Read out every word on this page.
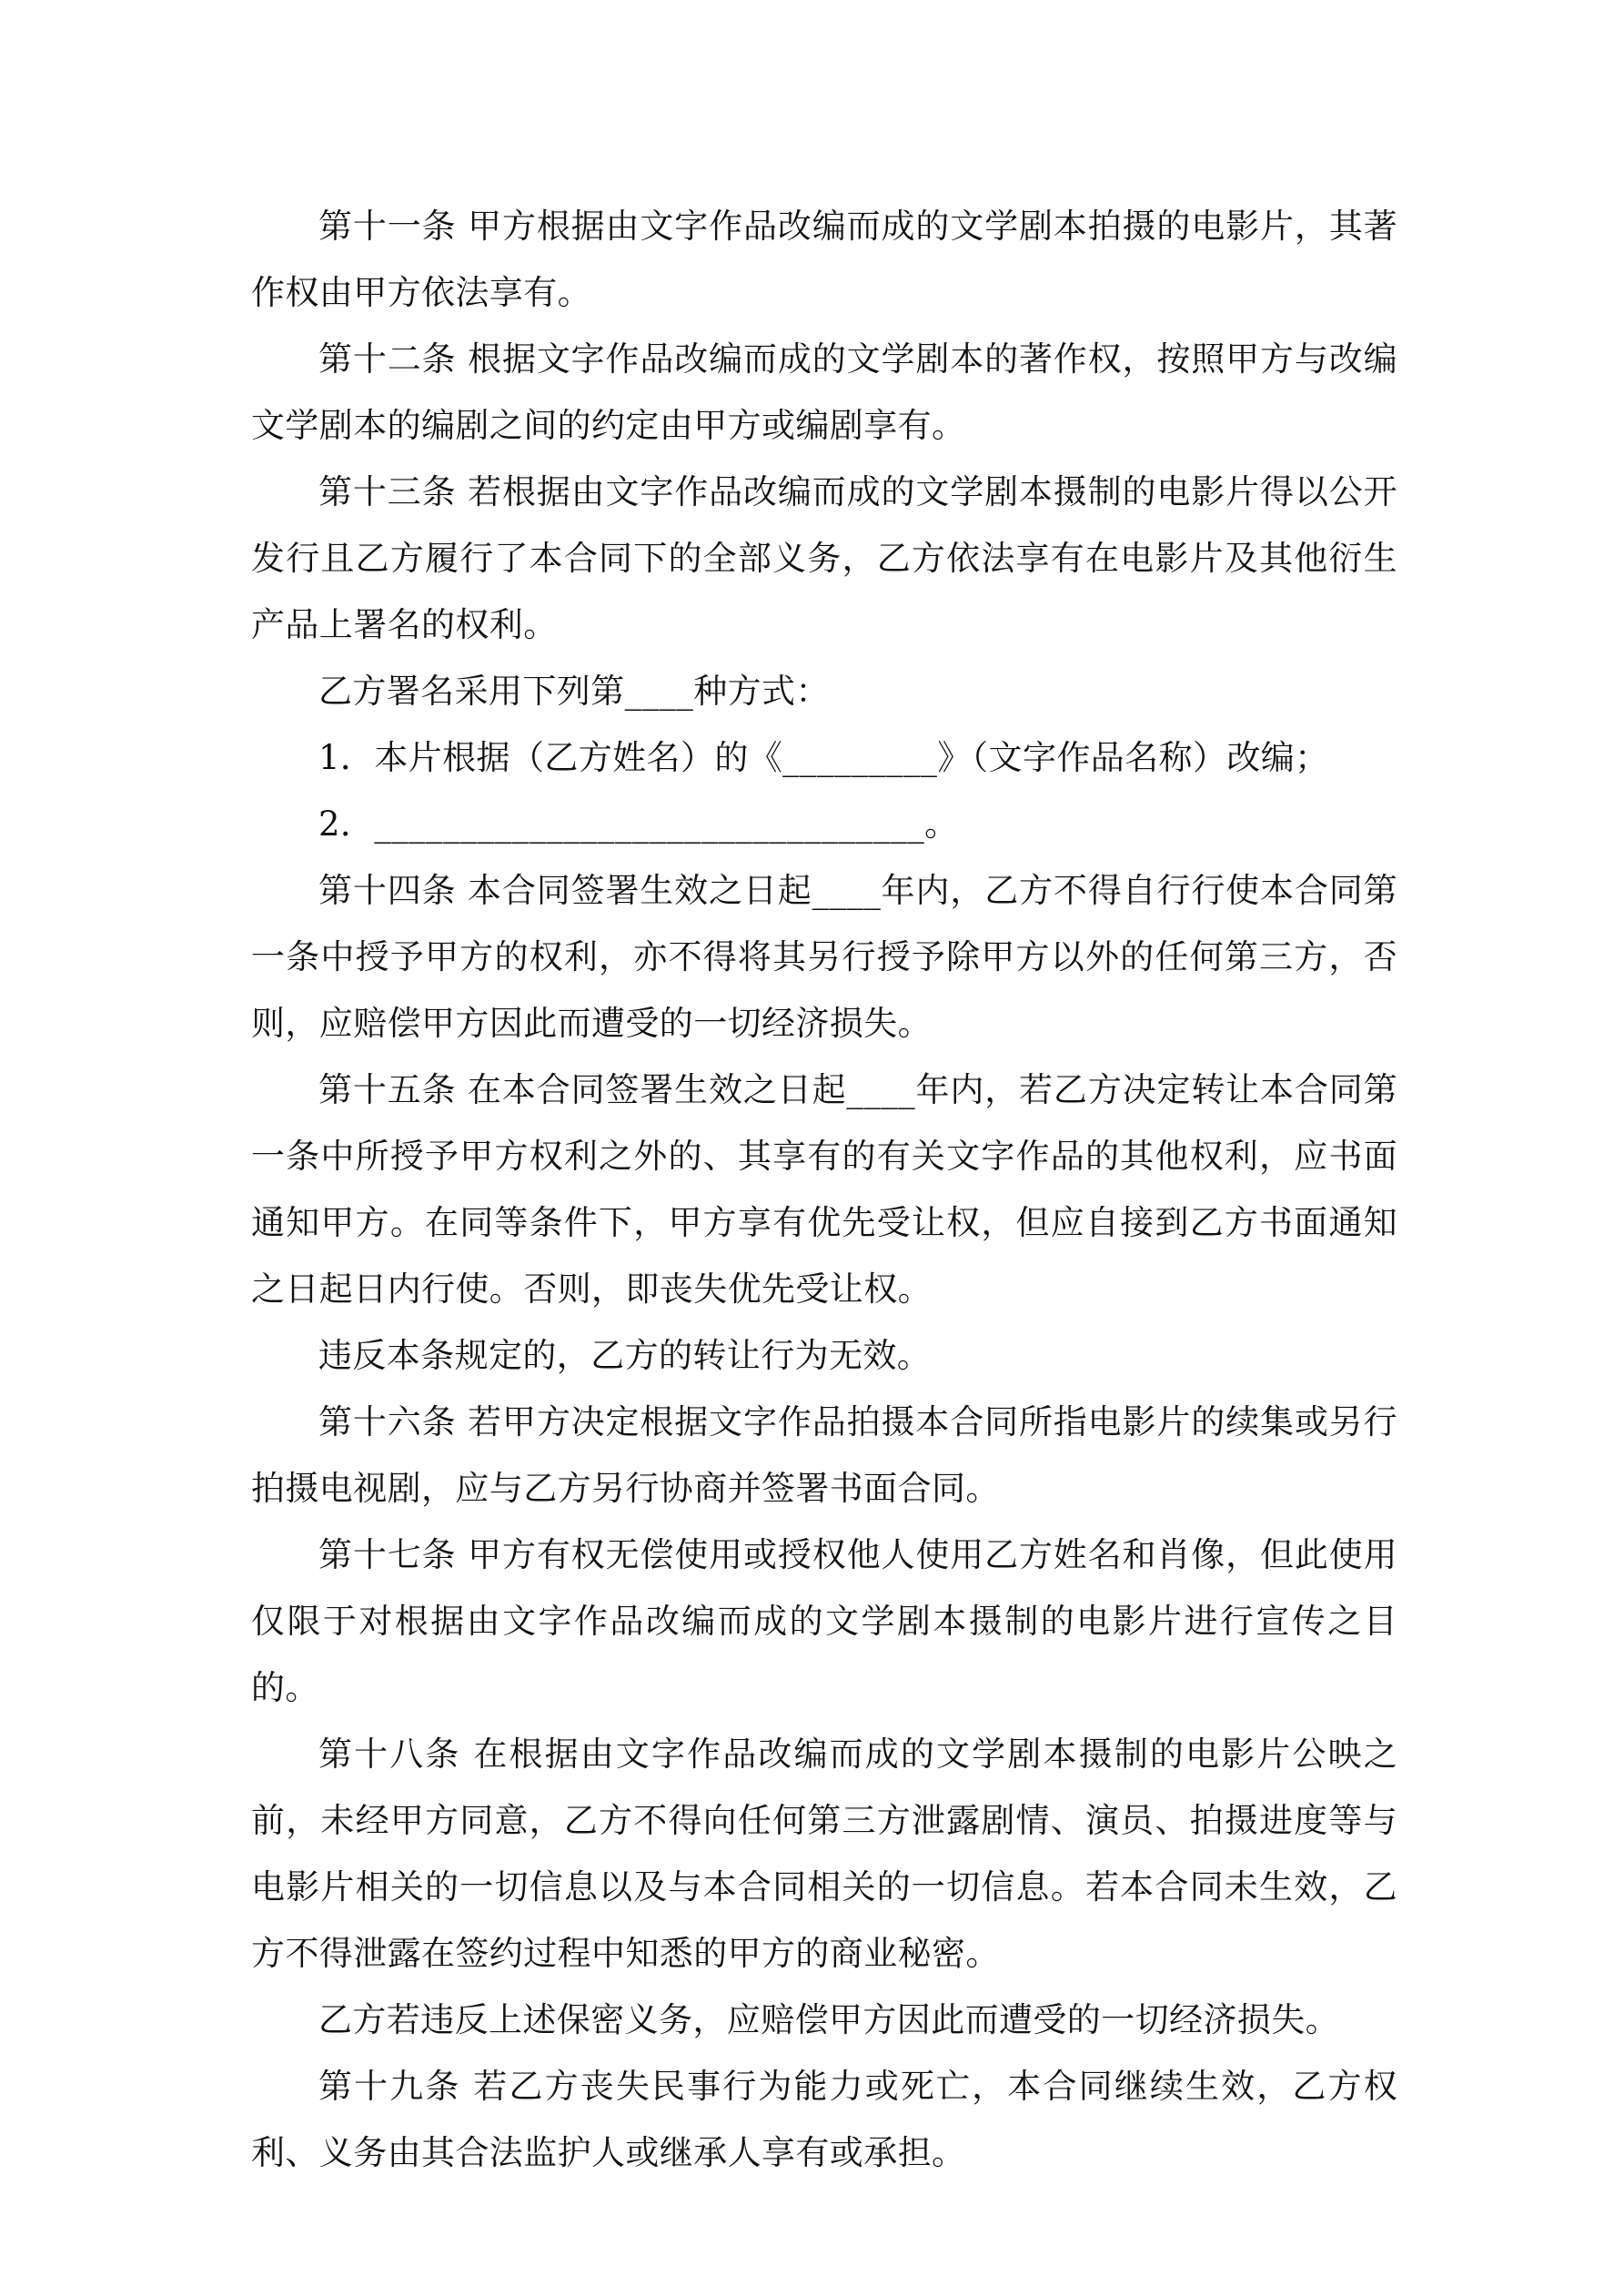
第十一条 甲方根据由文字作品改编而成的文学剧本拍摄的电影片，其著作权由甲方依法享有。

第十二条 根据文字作品改编而成的文学剧本的著作权，按照甲方与改编文学剧本的编剧之间的约定由甲方或编剧享有。

第十三条 若根据由文字作品改编而成的文学剧本摄制的电影片得以公开发行且乙方履行了本合同下的全部义务，乙方依法享有在电影片及其他衍生产品上署名的权利。

乙方署名采用下列第____种方式：

1．本片根据（乙方姓名）的《_________》（文字作品名称）改编；

2．________________________________。

第十四条 本合同签署生效之日起____年内，乙方不得自行行使本合同第一条中授予甲方的权利，亦不得将其另行授予除甲方以外的任何第三方，否则，应赔偿甲方因此而遭受的一切经济损失。

第十五条 在本合同签署生效之日起____年内，若乙方决定转让本合同第一条中所授予甲方权利之外的、其享有的有关文字作品的其他权利，应书面通知甲方。在同等条件下，甲方享有优先受让权，但应自接到乙方书面通知之日起日内行使。否则，即丧失优先受让权。

违反本条规定的，乙方的转让行为无效。

第十六条 若甲方决定根据文字作品拍摄本合同所指电影片的续集或另行拍摄电视剧，应与乙方另行协商并签署书面合同。

第十七条 甲方有权无偿使用或授权他人使用乙方姓名和肖像，但此使用仅限于对根据由文字作品改编而成的文学剧本摄制的电影片进行宣传之目的。

第十八条 在根据由文字作品改编而成的文学剧本摄制的电影片公映之前，未经甲方同意，乙方不得向任何第三方泄露剧情、演员、拍摄进度等与电影片相关的一切信息以及与本合同相关的一切信息。若本合同未生效，乙方不得泄露在签约过程中知悉的甲方的商业秘密。

乙方若违反上述保密义务，应赔偿甲方因此而遭受的一切经济损失。

第十九条 若乙方丧失民事行为能力或死亡，本合同继续生效，乙方权利、义务由其合法监护人或继承人享有或承担。
